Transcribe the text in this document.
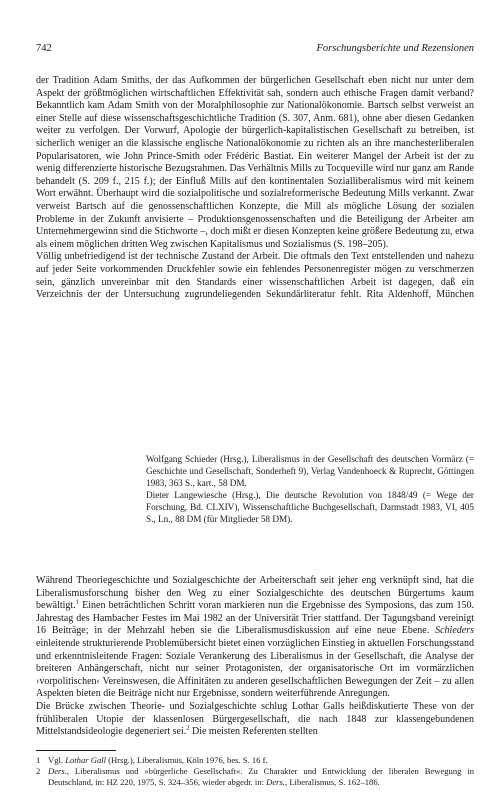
742	Forschungsberichte und Rezensionen

der Tradition Adam Smiths, der das Aufkommen der bürgerlichen Gesellschaft eben nicht nur unter dem Aspekt der größtmöglichen wirtschaftlichen Effektivität sah, sondern auch ethische Fragen damit verband? Bekanntlich kam Adam Smith von der Moralphilosophie zur Nationalökonomie. Bartsch selbst verweist an einer Stelle auf diese wissenschaftsgeschichtliche Tradition (S. 307, Anm. 681), ohne aber diesen Gedanken weiter zu verfolgen. Der Vorwurf, Apologie der bürgerlich-kapitalistischen Gesellschaft zu betreiben, ist sicherlich weniger an die klassische englische Nationalökonomie zu richten als an ihre manchesterliberalen Popularisatoren, wie John Prince-Smith oder Frédéric Bastiat. Ein weiterer Mangel der Arbeit ist der zu wenig differenzierte historische Bezugsrahmen. Das Verhältnis Mills zu Tocqueville wird nur ganz am Rande behandelt (S. 209 f., 215 f.); der Einfluß Mills auf den kontinentalen Sozialliberalismus wird mit keinem Wort erwähnt. Überhaupt wird die sozialpolitische und sozialreformerische Bedeutung Mills verkannt. Zwar verweist Bartsch auf die genossenschaftlichen Konzepte, die Mill als mögliche Lösung der sozialen Probleme in der Zukunft anvisierte – Produktionsgenossenschaften und die Beteiligung der Arbeiter am Unternehmergewinn sind die Stichworte –, doch mißt er diesen Konzepten keine größere Bedeutung zu, etwa als einem möglichen dritten Weg zwischen Kapitalismus und Sozialismus (S. 198–205).

Völlig unbefriedigend ist der technische Zustand der Arbeit. Die oftmals den Text entstellenden und nahezu auf jeder Seite vorkommenden Druckfehler sowie ein fehlendes Personenregister mögen zu verschmerzen sein, gänzlich unvereinbar mit den Standards einer wissenschaftlichen Arbeit ist dagegen, daß ein Verzeichnis der der Untersuchung zugrundeliegenden Sekundärliteratur fehlt. Rita Aldenhoff, München

Wolfgang Schieder (Hrsg.), Liberalismus in der Gesellschaft des deutschen Vormärz (= Geschichte und Gesellschaft, Sonderheft 9), Verlag Vandenhoeck & Ruprecht, Göttingen 1983, 363 S., kart., 58 DM.

Dieter Langewiesche (Hrsg.), Die deutsche Revolution von 1848/49 (= Wege der Forschung, Bd. CLXIV), Wissenschaftliche Buchgesellschaft, Darmstadt 1983, VI, 405 S., Ln., 88 DM (für Mitglieder 58 DM).

Während Theoriegeschichte und Sozialgeschichte der Arbeiterschaft seit jeher eng verknüpft sind, hat die Liberalismusforschung bisher den Weg zu einer Sozialgeschichte des deutschen Bürgertums kaum bewältigt.$^1$ Einen beträchtlichen Schritt voran markieren nun die Ergebnisse des Symposions, das zum 150. Jahrestag des Hambacher Festes im Mai 1982 an der Universität Trier stattfand. Der Tagungsband vereinigt 16 Beiträge; in der Mehrzahl heben sie die Liberalismusdiskussion auf eine neue Ebene. Schieders einleitende strukturierende Problemübersicht bietet einen vorzüglichen Einstieg in aktuellen Forschungsstand und erkenntnisleitende Fragen: Soziale Verankerung des Liberalismus in der Gesellschaft, die Analyse der breiteren Anhängerschaft, nicht nur seiner Protagonisten, der organisatorische Ort im vormärzlichen ›vorpolitischen‹ Vereinswesen, die Affinitäten zu anderen gesellschaftlichen Bewegungen der Zeit – zu allen Aspekten bieten die Beiträge nicht nur Ergebnisse, sondern weiterführende Anregungen.

Die Brücke zwischen Theorie- und Sozialgeschichte schlug Lothar Galls heißdiskutierte These von der frühliberalen Utopie der klassenlosen Bürgergesellschaft, die nach 1848 zur klassengebundenen Mittelstandsideologie degeneriert sei.$^2$ Die meisten Referenten stellten

1 Vgl. Lothar Gall (Hrsg.), Liberalismus, Köln 1976, bes. S. 16 f.

2 Ders., Liberalismus und »bürgerliche Gesellschaft«. Zu Charakter und Entwicklung der liberalen Bewegung in Deutschland, in: HZ 220, 1975, S. 324–356, wieder abgedr. in: Ders., Liberalismus, S. 162–186.
